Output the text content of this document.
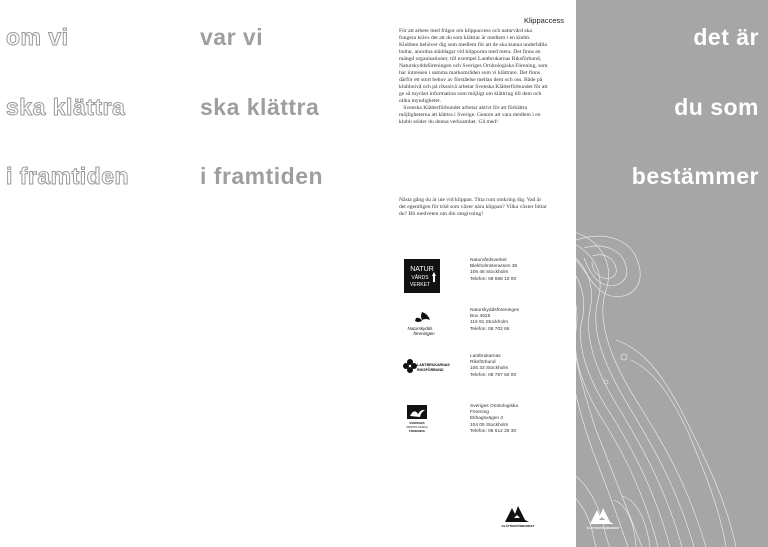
om vi
ska klättra
i framtiden
var vi
ska klättra
i framtiden
Klippaccess

För att arbete med frågor om klippaccess och naturvård ska fungera krävs det att du som klättrar är medlem i en klubb. Klubben behöver dig som medlem för att de ska kunna underhålla bultar, anordna städdagar vid klipporna med mera. Det finns en mängd organisationer, till exempel Lantbrukarnas Riksförbund, Naturskyddsföreningen och Sveriges Ornitologiska Förening, som har intressen i samma markområden som vi klättrare. Det finns därför ett stort behov av förståelse mellan dem och oss. Både på klubbnivå och på riksnivå arbetar Svenska Klätterförbundet för att ge så mycket information som möjligt om klättring till dem och olika myndigheter.
Svenska Klätterförbundet arbetar aktivt för att förbättra möjligheterna att klättra i Sverige. Genom att vara medlem i en klubb stöder du denna verksamhet. Gå med!

Nästa gång du är ute vid klippan. Titta runt omkring dig. Vad är det egentligen för träd som växer nära klippan? Vilka växter bittar du? Bli medveten om din omgivning!

NATUR
VÅRDS
VERKET
Naturvårdsverket
Blekholmsterassen 36
106 48 Stockholm
Telefon: 08 698 10 00
Naturskydds
föreningen
Naturskyddsföreningen
Box 4625
116 91 Stockholm
Telefon: 08 702 65
LANTBRUKARNAS
RIKSFÖRBUND
Lantbrukarnas
Riksförbund
105 33 Stockholm
Telefon: 08 787 50 00
SVERIGES
ORNITOLOGISKA
FÖRENING
Sveriges Ornitologiska
Förening
Ekhagsvägen 3
104 05 Stockholm
Telefon: 08 612 25 30
KLÄTTERFÖRBUNDET
det är
du som
bestämmer
KLÄTTERFÖRBUNDET
